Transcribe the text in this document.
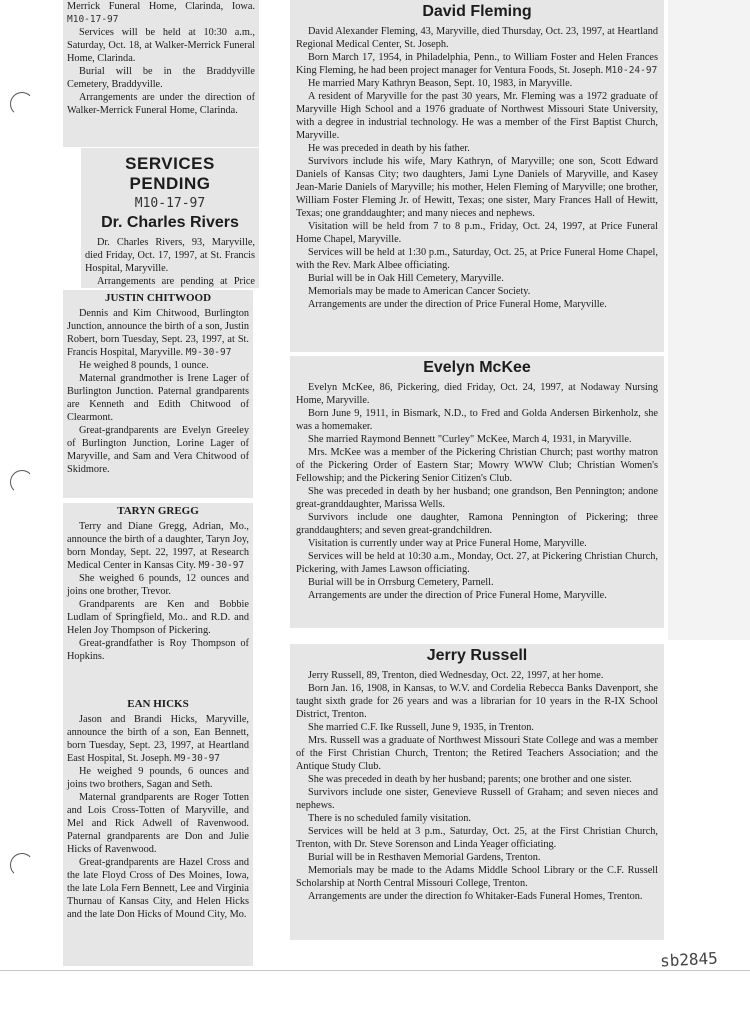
Merrick Funeral Home, Clarinda, Iowa. M10-17-97

Services will be held at 10:30 a.m., Saturday, Oct. 18, at Walker-Merrick Funeral Home, Clarinda.

Burial will be in the Braddyville Cemetery, Braddyville.

Arrangements are under the direction of Walker-Merrick Funeral Home, Clarinda.

SERVICES PENDING
M10-17-97
Dr. Charles Rivers

Dr. Charles Rivers, 93, Maryville, died Friday, Oct. 17, 1997, at St. Francis Hospital, Maryville.

Arrangements are pending at Price

JUSTIN CHITWOOD

Dennis and Kim Chitwood, Burlington Junction, announce the birth of a son, Justin Robert, born Tuesday, Sept. 23, 1997, at St. Francis Hospital, Maryville. M9-30-97

He weighed 8 pounds, 1 ounce.

Maternal grandmother is Irene Lager of Burlington Junction. Paternal grandparents are Kenneth and Edith Chitwood of Clearmont.

Great-grandparents are Evelyn Greeley of Burlington Junction, Lorine Lager of Maryville, and Sam and Vera Chitwood of Skidmore.

TARYN GREGG

Terry and Diane Gregg, Adrian, Mo., announce the birth of a daughter, Taryn Joy, born Monday, Sept. 22, 1997, at Research Medical Center in Kansas City. M9-30-97

She weighed 6 pounds, 12 ounces and joins one brother, Trevor.

Grandparents are Ken and Bobbie Ludlam of Springfield, Mo.. and R.D. and Helen Joy Thompson of Pickering.

Great-grandfather is Roy Thompson of Hopkins.

EAN HICKS

Jason and Brandi Hicks, Maryville, announce the birth of a son, Ean Bennett, born Tuesday, Sept. 23, 1997, at Heartland East Hospital, St. Joseph. M9-30-97

He weighed 9 pounds, 6 ounces and joins two brothers, Sagan and Seth.

Maternal grandparents are Roger Totten and Lois Cross-Totten of Maryville, and Mel and Rick Adwell of Ravenwood. Paternal grandparents are Don and Julie Hicks of Ravenwood.

Great-grandparents are Hazel Cross and the late Floyd Cross of Des Moines, Iowa, the late Lola Fern Bennett, Lee and Virginia Thurnau of Kansas City, and Helen Hicks and the late Don Hicks of Mound City, Mo.

David Fleming

David Alexander Fleming, 43, Maryville, died Thursday, Oct. 23, 1997, at Heartland Regional Medical Center, St. Joseph.

Born March 17, 1954, in Philadelphia, Penn., to William Foster and Helen Frances King Fleming, he had been project manager for Ventura Foods, St. Joseph. M10-24-97

He married Mary Kathryn Beason, Sept. 10, 1983, in Maryville.

A resident of Maryville for the past 30 years, Mr. Fleming was a 1972 graduate of Maryville High School and a 1976 graduate of Northwest Missouri State University, with a degree in industrial technology. He was a member of the First Baptist Church, Maryville.

He was preceded in death by his father.

Survivors include his wife, Mary Kathryn, of Maryville; one son, Scott Edward Daniels of Kansas City; two daughters, Jami Lyne Daniels of Maryville, and Kasey Jean-Marie Daniels of Maryville; his mother, Helen Fleming of Maryville; one brother, William Foster Fleming Jr. of Hewitt, Texas; one sister, Mary Frances Hall of Hewitt, Texas; one granddaughter; and many nieces and nephews.

Visitation will be held from 7 to 8 p.m., Friday, Oct. 24, 1997, at Price Funeral Home Chapel, Maryville.

Services will be held at 1:30 p.m., Saturday, Oct. 25, at Price Funeral Home Chapel, with the Rev. Mark Albee officiating.

Burial will be in Oak Hill Cemetery, Maryville.

Memorials may be made to American Cancer Society.

Arrangements are under the direction of Price Funeral Home, Maryville.

Evelyn McKee

Evelyn McKee, 86, Pickering, died Friday, Oct. 24, 1997, at Nodaway Nursing Home, Maryville.

Born June 9, 1911, in Bismark, N.D., to Fred and Golda Andersen Birkenholz, she was a homemaker.

She married Raymond Bennett "Curley" McKee, March 4, 1931, in Maryville.

Mrs. McKee was a member of the Pickering Christian Church; past worthy matron of the Pickering Order of Eastern Star; Mowry WWW Club; Christian Women's Fellowship; and the Pickering Senior Citizen's Club.

She was preceded in death by her husband; one grandson, Ben Pennington; andone great-granddaughter, Marissa Wells.

Survivors include one daughter, Ramona Pennington of Pickering; three granddaughters; and seven great-grandchildren.

Visitation is currently under way at Price Funeral Home, Maryville.

Services will be held at 10:30 a.m., Monday, Oct. 27, at Pickering Christian Church, Pickering, with James Lawson officiating.

Burial will be in Orrsburg Cemetery, Parnell.

Arrangements are under the direction of Price Funeral Home, Maryville.

Jerry Russell

Jerry Russell, 89, Trenton, died Wednesday, Oct. 22, 1997, at her home.

Born Jan. 16, 1908, in Kansas, to W.V. and Cordelia Rebecca Banks Davenport, she taught sixth grade for 26 years and was a librarian for 10 years in the R-IX School District, Trenton.

She married C.F. Ike Russell, June 9, 1935, in Trenton.

Mrs. Russell was a graduate of Northwest Missouri State College and was a member of the First Christian Church, Trenton; the Retired Teachers Association; and the Antique Study Club.

She was preceded in death by her husband; parents; one brother and one sister.

Survivors include one sister, Genevieve Russell of Graham; and seven nieces and nephews.

There is no scheduled family visitation.

Services will be held at 3 p.m., Saturday, Oct. 25, at the First Christian Church, Trenton, with Dr. Steve Sorenson and Linda Yeager officiating.

Burial will be in Resthaven Memorial Gardens, Trenton.

Memorials may be made to the Adams Middle School Library or the C.F. Russell Scholarship at North Central Missouri College, Trenton.

Arrangements are under the direction fo Whitaker-Eads Funeral Homes, Trenton.

sb2845
